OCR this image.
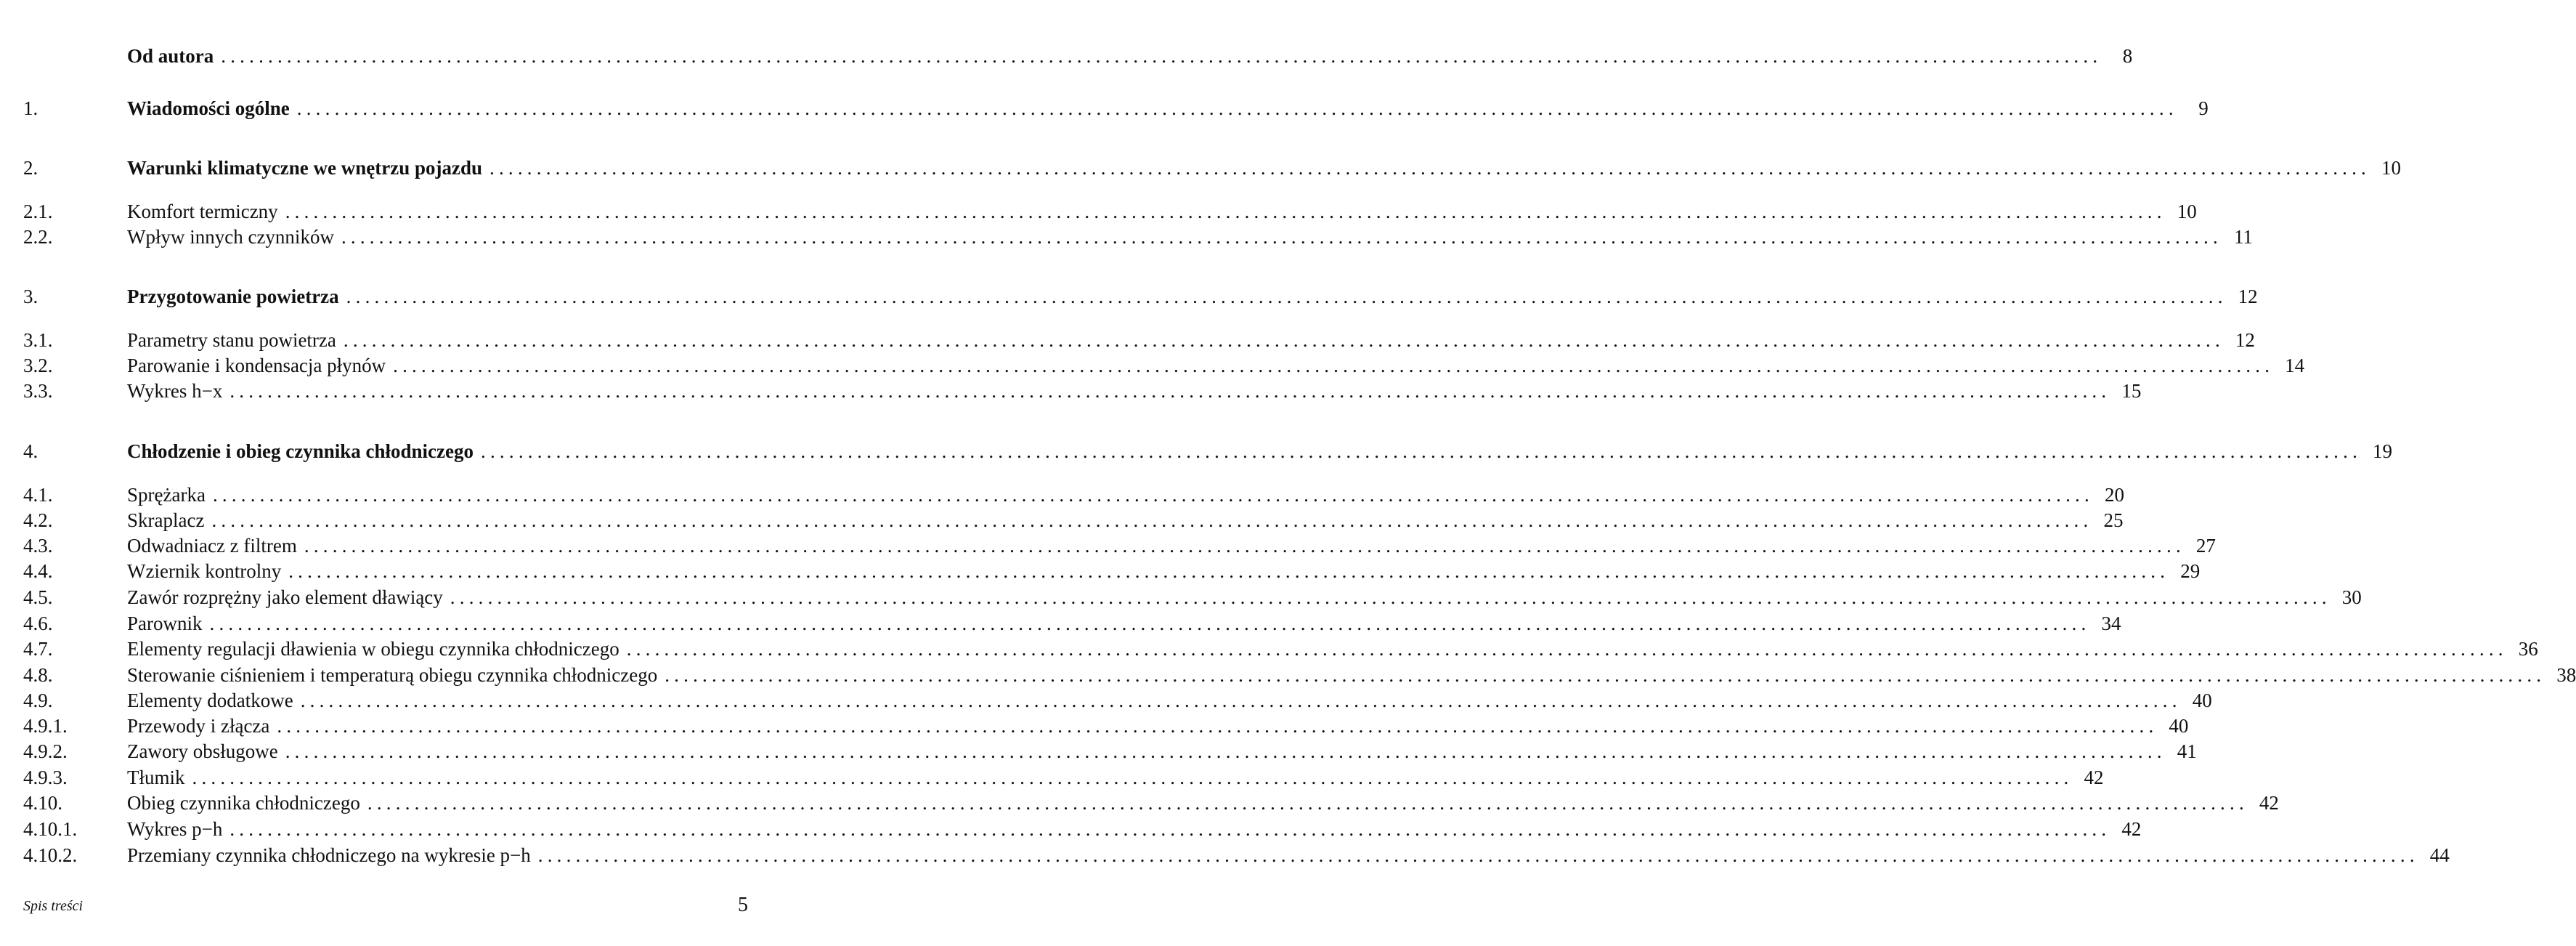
Od autora ........................................................................................................................................................................................................	8
1.	Wiadomości ogólne ........................................................................................................................................................................................................	9
2.	Warunki klimatyczne we wnętrzu pojazdu ........................................................................................................................................................................................................ 10
2.1.	Komfort termiczny ........................................................................................................................................................................................................ 10
2.2.	Wpływ innych czynników ........................................................................................................................................................................................................ 11
3.	Przygotowanie powietrza ........................................................................................................................................................................................................ 12
3.1.	Parametry stanu powietrza ........................................................................................................................................................................................................ 12
3.2.	Parowanie i kondensacja płynów ........................................................................................................................................................................................................ 14
3.3.	Wykres h−x ........................................................................................................................................................................................................ 15
4.	Chłodzenie i obieg czynnika chłodniczego ........................................................................................................................................................................................................ 19
4.1.	Sprężarka ........................................................................................................................................................................................................ 20
4.2.	Skraplacz ........................................................................................................................................................................................................ 25
4.3.	Odwadniacz z filtrem ........................................................................................................................................................................................................ 27
4.4.	Wziernik kontrolny ........................................................................................................................................................................................................ 29
4.5.	Zawór rozprężny jako element dławiący ........................................................................................................................................................................................................ 30
4.6.	Parownik ........................................................................................................................................................................................................ 34
4.7.	Elementy regulacji dławienia w obiegu czynnika chłodniczego ........................................................................................................................................................................................................ 36
4.8.	Sterowanie ciśnieniem i temperaturą obiegu czynnika chłodniczego ........................................................................................................................................................................................................ 38
4.9.	Elementy dodatkowe ........................................................................................................................................................................................................ 40
4.9.1.	Przewody i złącza ........................................................................................................................................................................................................ 40
4.9.2.	Zawory obsługowe ........................................................................................................................................................................................................ 41
4.9.3.	Tłumik ........................................................................................................................................................................................................ 42
4.10.	Obieg czynnika chłodniczego ........................................................................................................................................................................................................ 42
4.10.1.	Wykres p−h ........................................................................................................................................................................................................ 42
4.10.2.	Przemiany czynnika chłodniczego na wykresie p−h ........................................................................................................................................................................................................ 44
Spis treści	5
